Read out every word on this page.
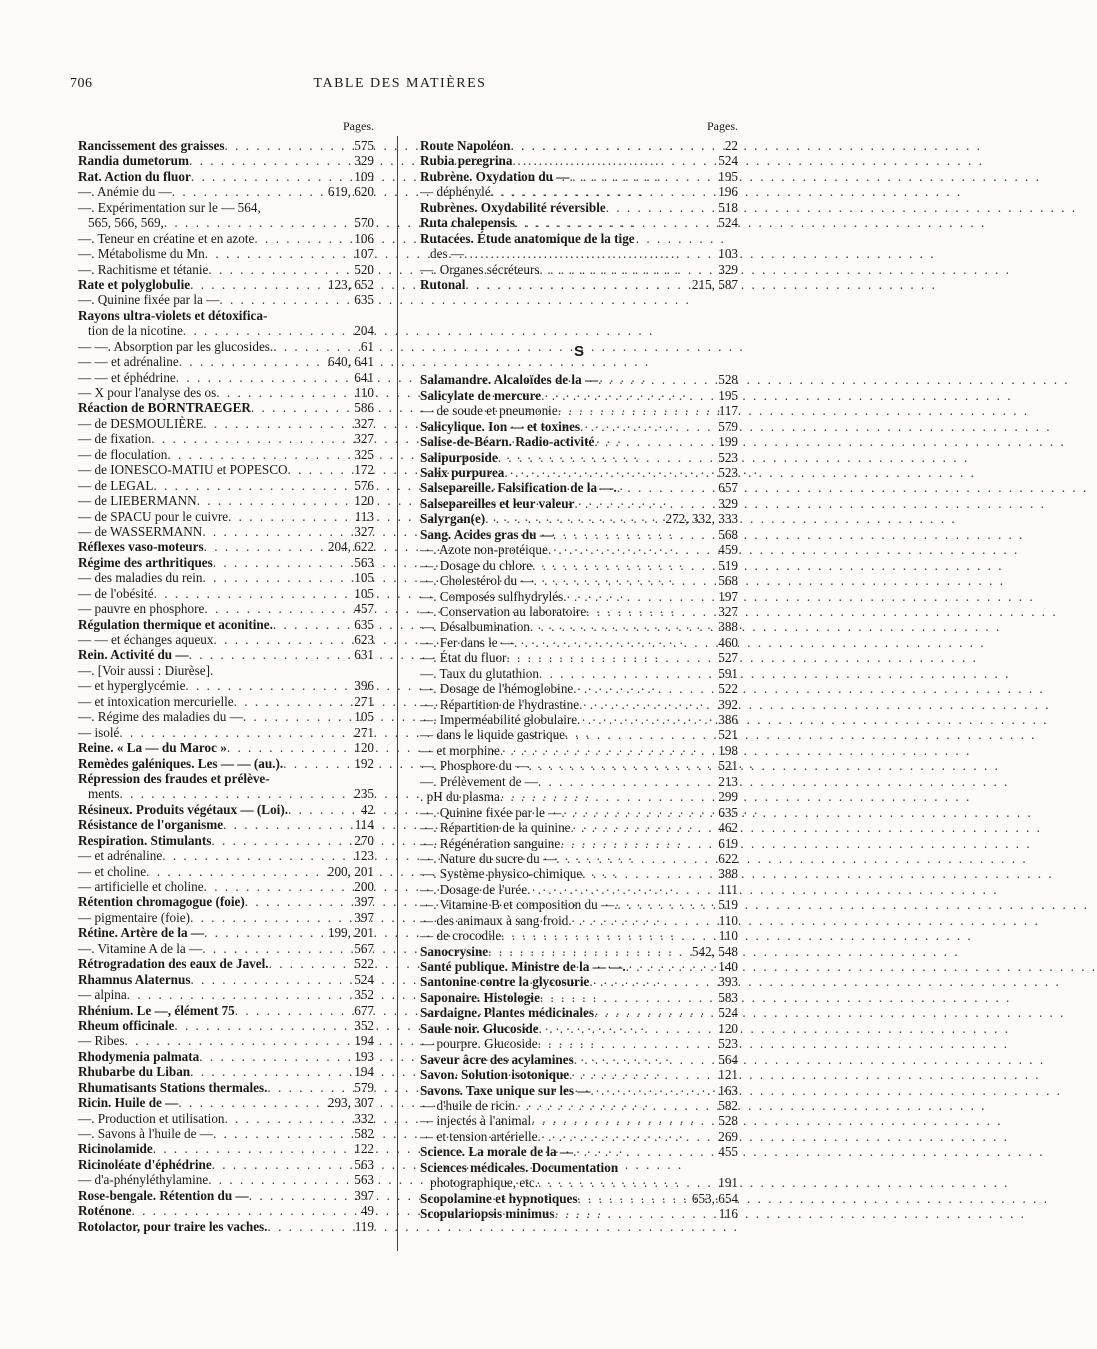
706	TABLE DES MATIÈRES
Pages.
Rancissement des graisses . . .	575
Randia dumetorum . . .	329
Rat. Action du fluor . . .	109
—. Anémie du — . . .	619, 620
—. Expérimentation sur le — 564,
565, 566, 569, . . .	570
—. Teneur en créatine et en azote . . .	106
—. Métabolisme du Mn . . .	107
—. Rachitisme et tétanie . . .	520
Rate et polyglobulie . . .	123, 652
—. Quinine fixée par la — . . .	635
Rayons ultra-violets et détoxifica-
tion de la nicotine . . .	204
— —. Absorption par les glucosides. . . .	61
— — et adrénaline . . .	640, 641
— — et éphédrine . . .	641
— X pour l'analyse des os . . .	110
Réaction de BORNTRAEGER . . .	586
— de DESMOULIÈRE . . .	327
— de fixation . . .	327
— de floculation . . .	325
— de IONESCO-MATIU et POPESCO . . .	172
— de LEGAL . . .	576
— de LIEBERMANN . . .	120
— de SPACU pour le cuivre . . .	113
— de WASSERMANN . . .	327
Réflexes vaso-moteurs . . .	204, 622
Régime des arthritiques . . .	563
— des maladies du rein . . .	105
— de l'obésité . . .	105
— pauvre en phosphore . . .	457
Régulation thermique et aconitine. . . .	635
— — et échanges aqueux . . .	623
Rein. Activité du — . . .	631
—. [Voir aussi : Diurèse].
— et hyperglycémie . . .	396
— et intoxication mercurielle . . .	271
—. Régime des maladies du — . . .	105
— isolé . . .	271
Reine. « La — du Maroc » . . .	120
Remèdes galéniques. Les — — (au.). . . .	192
Répression des fraudes et prélève-
ments . . .	235
Résineux. Produits végétaux — (Loi). . . .	42
Résistance de l'organisme . . .	114
Respiration. Stimulants . . .	270
— et adrénaline . . .	123
— et choline . . .	200, 201
— artificielle et choline . . .	200
Rétention chromagogue (foie) . . .	397
— pigmentaire (foie) . . .	397
Rétine. Artère de la — . . .	199, 201
—. Vitamine A de la — . . .	567
Rétrogradation des eaux de Javel. . . .	522
Rhamnus Alaternus . . .	524
— alpina . . .	352
Rhénium. Le —, élément 75 . . .	677
Rheum officinale . . .	352
— Ribes . . .	194
Rhodymenia palmata . . .	193
Rhubarbe du Liban . . .	194
Rhumatisants Stations thermales. . . .	579
Ricin. Huile de — . . .	293, 307
—. Production et utilisation . . .	332
—. Savons à l'huile de — . . .	582
Ricinolamide . . .	122
Ricinoléate d'éphédrine . . .	563
— d'a-phényléthylamine . . .	563
Rose-bengale. Rétention du — . . .	397
Roténone . . .	49
Rotolactor, pour traire les vaches. . . .	119
Pages.
Route Napoléon . . .	22
Rubia peregrina . . .	524
Rubrène. Oxydation du — . . .	195
— déphénylé . . .	196
Rubrènes. Oxydabilité réversible . . .	518
Ruta chalepensis . . .	524
Rutacées. Étude anatomique de la tige
des — . . .	103
—. Organes sécréteurs . . .	329
Rutonal . . .	215, 587
S
Salamandre. Alcaloïdes de la — . . .	528
Salicylate de mercure . . .	195
— de soude et pneumonie . . .	117
Salicylique. Ion — et toxines . . .	579
Salise-de-Béarn. Radio-activité . . .	199
Salipurposide . . .	523
Salix purpurea . . .	523
Salsepareille. Falsification de la —. . . .	657
Salsepareilles et leur valeur . . .	329
Salyrgan(e) . . .	272, 332, 333
Sang. Acides gras du — . . .	568
—. Azote non-protéique . . .	459
—. Dosage du chlore . . .	519
—. Cholestérol du — . . .	568
—. Composés sulfhydrylés . . .	197
—. Conservation au laboratoire . . .	327
—. Désalbumination . . .	388
—. Fer dans le — . . .	460
—. État du fluor . . .	527
—. Taux du glutathion . . .	591
—. Dosage de l'hémoglobine . . .	522
—. Répartition de l'hydrastine . . .	392
—. Imperméabilité globulaire . . .	386
— dans le liquide gastrique . . .	521
— et morphine . . .	198
—. Phosphore du — . . .	521
—. Prélèvement de — . . .	213
. pH du plasma . . .	299
—. Quinine fixée par le — . . .	635
—. Répartition de la quinine . . .	462
—. Régénération sanguine . . .	619
—. Nature du sucre du — . . .	622
—. Système physico-chimique . . .	388
—. Dosage de l'urée . . .	111
—. Vitamine B et composition du —. . . .	519
— des animaux à sang froid . . .	110
— de crocodile . . .	110
Sanocrysine . . .	542, 548
Santé publique. Ministre de la — —. . . .	140
Santonine contre la glycosurie . . .	393
Saponaire. Histologie . . .	583
Sardaigne. Plantes médicinales . . .	524
Saule noir. Glucoside . . .	120
— pourpre. Glucoside . . .	523
Saveur âcre des acylamines . . .	564
Savon. Solution isotonique . . .	121
Savons. Taxe unique sur les — . . .	163
— d'huile de ricin . . .	582
— injectés à l'animal . . .	528
— et tension artérielle . . .	269
Science. La morale de la — . . .	455
Sciences médicales. Documentation
photographique, etc. . . .	191
Scopolamine et hypnotiques . . .	653, 654
Scopulariopsis minimus . . .	116
